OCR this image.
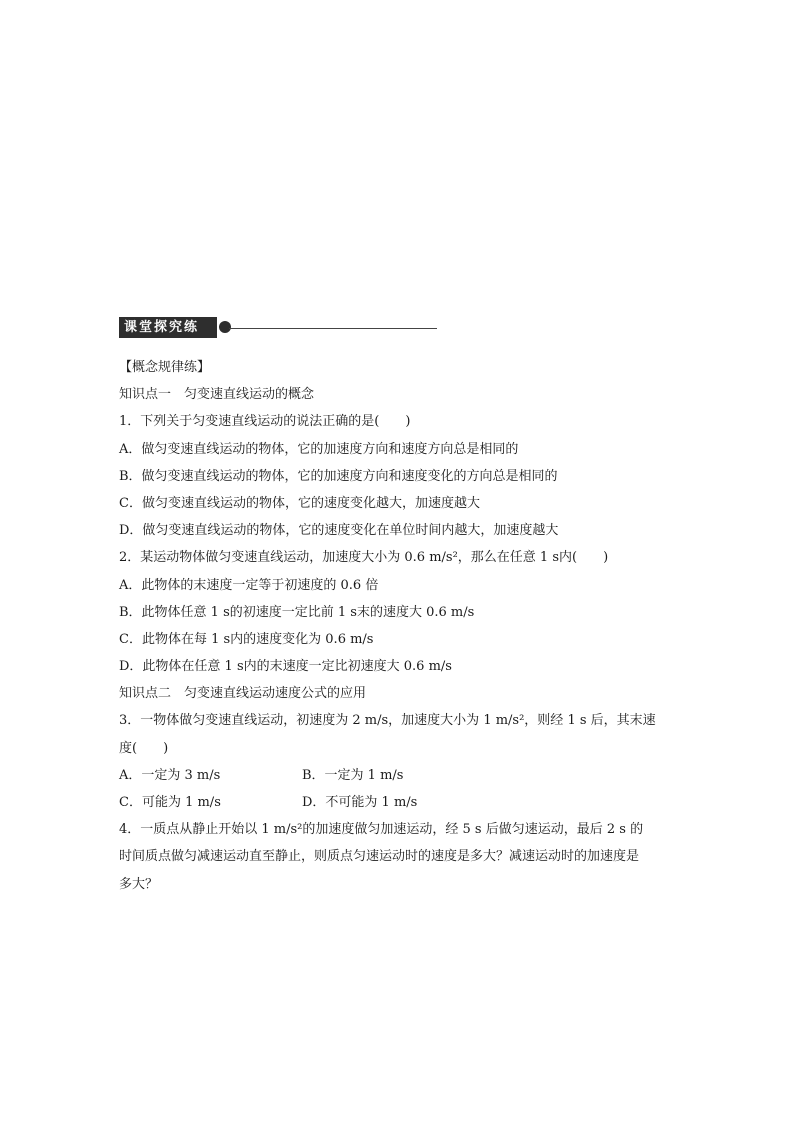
课堂探究练
【概念规律练】
知识点一　匀变速直线运动的概念
1．下列关于匀变速直线运动的说法正确的是(　　)
A．做匀变速直线运动的物体，它的加速度方向和速度方向总是相同的
B．做匀变速直线运动的物体，它的加速度方向和速度变化的方向总是相同的
C．做匀变速直线运动的物体，它的速度变化越大，加速度越大
D．做匀变速直线运动的物体，它的速度变化在单位时间内越大，加速度越大
2．某运动物体做匀变速直线运动，加速度大小为 0.6 m/s²，那么在任意 1 s内(　　)
A．此物体的末速度一定等于初速度的 0.6 倍
B．此物体任意 1 s的初速度一定比前 1 s末的速度大 0.6 m/s
C．此物体在每 1 s内的速度变化为 0.6 m/s
D．此物体在任意 1 s内的末速度一定比初速度大 0.6 m/s
知识点二　匀变速直线运动速度公式的应用
3．一物体做匀变速直线运动，初速度为 2 m/s，加速度大小为 1 m/s²，则经 1 s 后，其末速
度(　　)
A．一定为 3 m/s	B．一定为 1 m/s
C．可能为 1 m/s	D．不可能为 1 m/s
4．一质点从静止开始以 1 m/s²的加速度做匀加速运动，经 5 s 后做匀速运动，最后 2 s 的
时间质点做匀减速运动直至静止，则质点匀速运动时的速度是多大？减速运动时的加速度是
多大？
